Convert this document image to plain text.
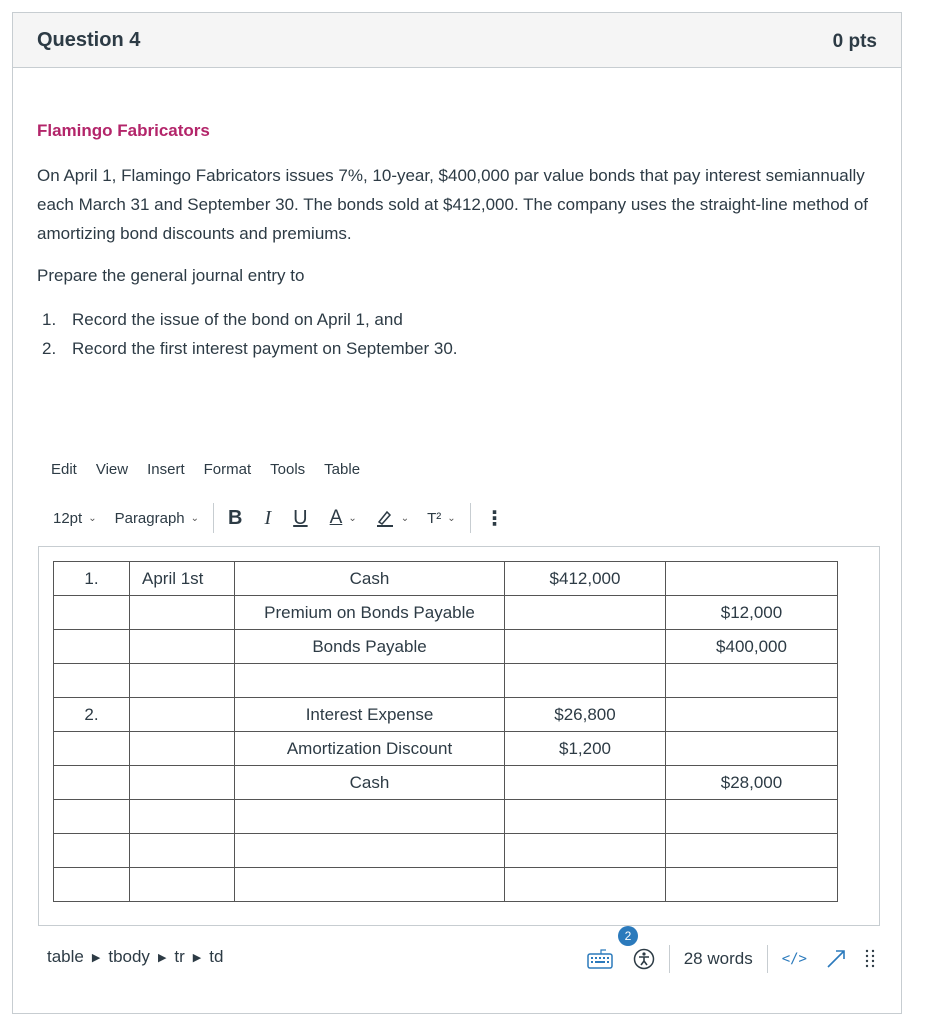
Question 4	0 pts
Flamingo Fabricators

On April 1, Flamingo Fabricators issues 7%, 10-year, $400,000 par value bonds that pay interest semiannually each March 31 and September 30. The bonds sold at $412,000. The company uses the straight-line method of amortizing bond discounts and premiums.

Prepare the general journal entry to

1. Record the issue of the bond on April 1, and
2. Record the first interest payment on September 30.
Edit View Insert Format Tools Table
12pt ⌄ Paragraph ⌄ B I U A ⌄	⌄ T² ⌄ ⋮
1.	April 1st	Cash	$412,000	
		Premium on Bonds Payable		$12,000
		Bonds Payable		$400,000

2.		Interest Expense	$26,800	
		Amortization Discount	$1,200	
		Cash		$28,000

table ▶ tbody ▶ tr ▶ td
2
28 words </>
